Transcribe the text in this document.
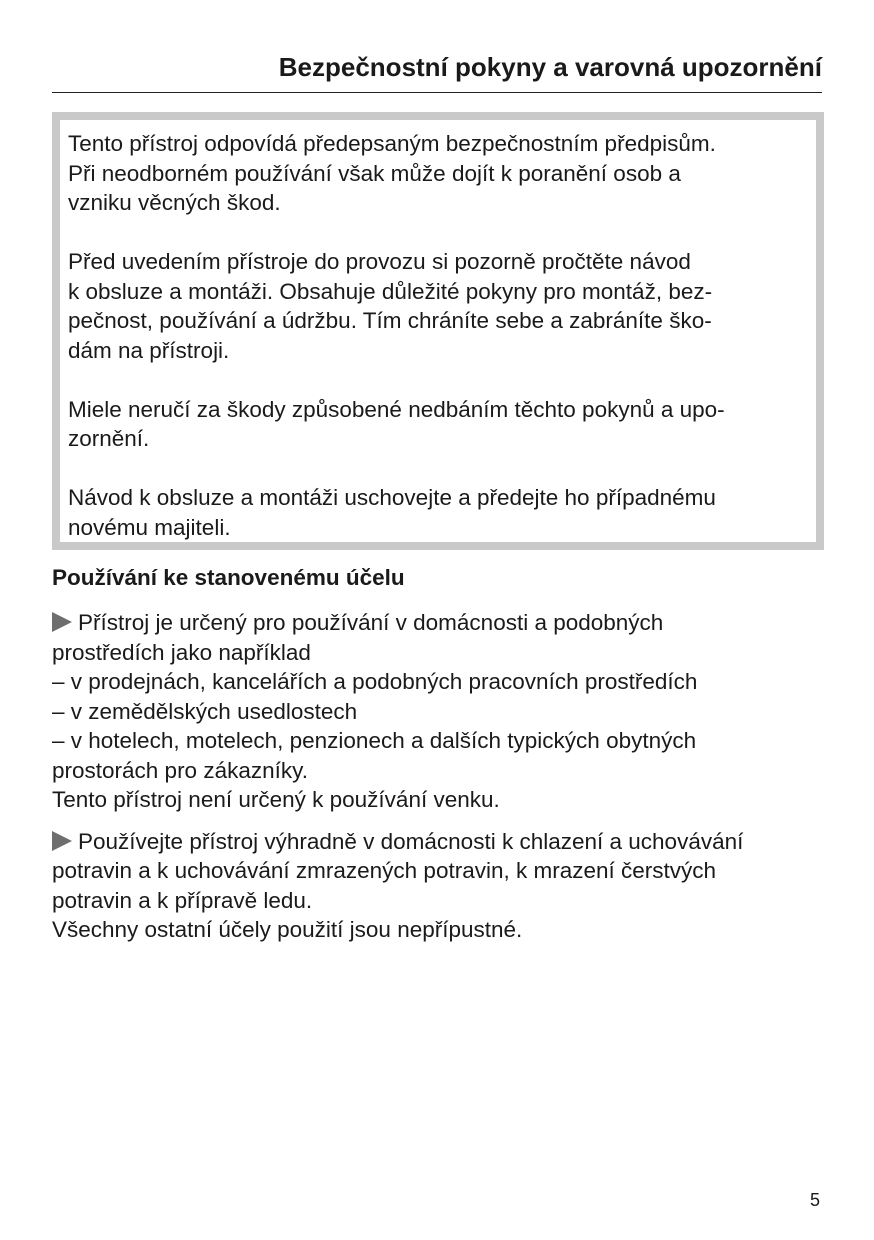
Bezpečnostní pokyny a varovná upozornění

Tento přístroj odpovídá předepsaným bezpečnostním předpisům.
Při neodborném používání však může dojít k poranění osob a
vzniku věcných škod.

Před uvedením přístroje do provozu si pozorně pročtěte návod
k obsluze a montáži. Obsahuje důležité pokyny pro montáž, bez-
pečnost, používání a údržbu. Tím chráníte sebe a zabráníte ško-
dám na přístroji.

Miele neručí za škody způsobené nedbáním těchto pokynů a upo-
zornění.

Návod k obsluze a montáži uschovejte a předejte ho případnému
novému majiteli.

Používání ke stanovenému účelu

Přístroj je určený pro používání v domácnosti a podobných
prostředích jako například
– v prodejnách, kancelářích a podobných pracovních prostředích
– v zemědělských usedlostech
– v hotelech, motelech, penzionech a dalších typických obytných
prostorách pro zákazníky.
Tento přístroj není určený k používání venku.

Používejte přístroj výhradně v domácnosti k chlazení a uchovávání
potravin a k uchovávání zmrazených potravin, k mrazení čerstvých
potravin a k přípravě ledu.
Všechny ostatní účely použití jsou nepřípustné.

5
